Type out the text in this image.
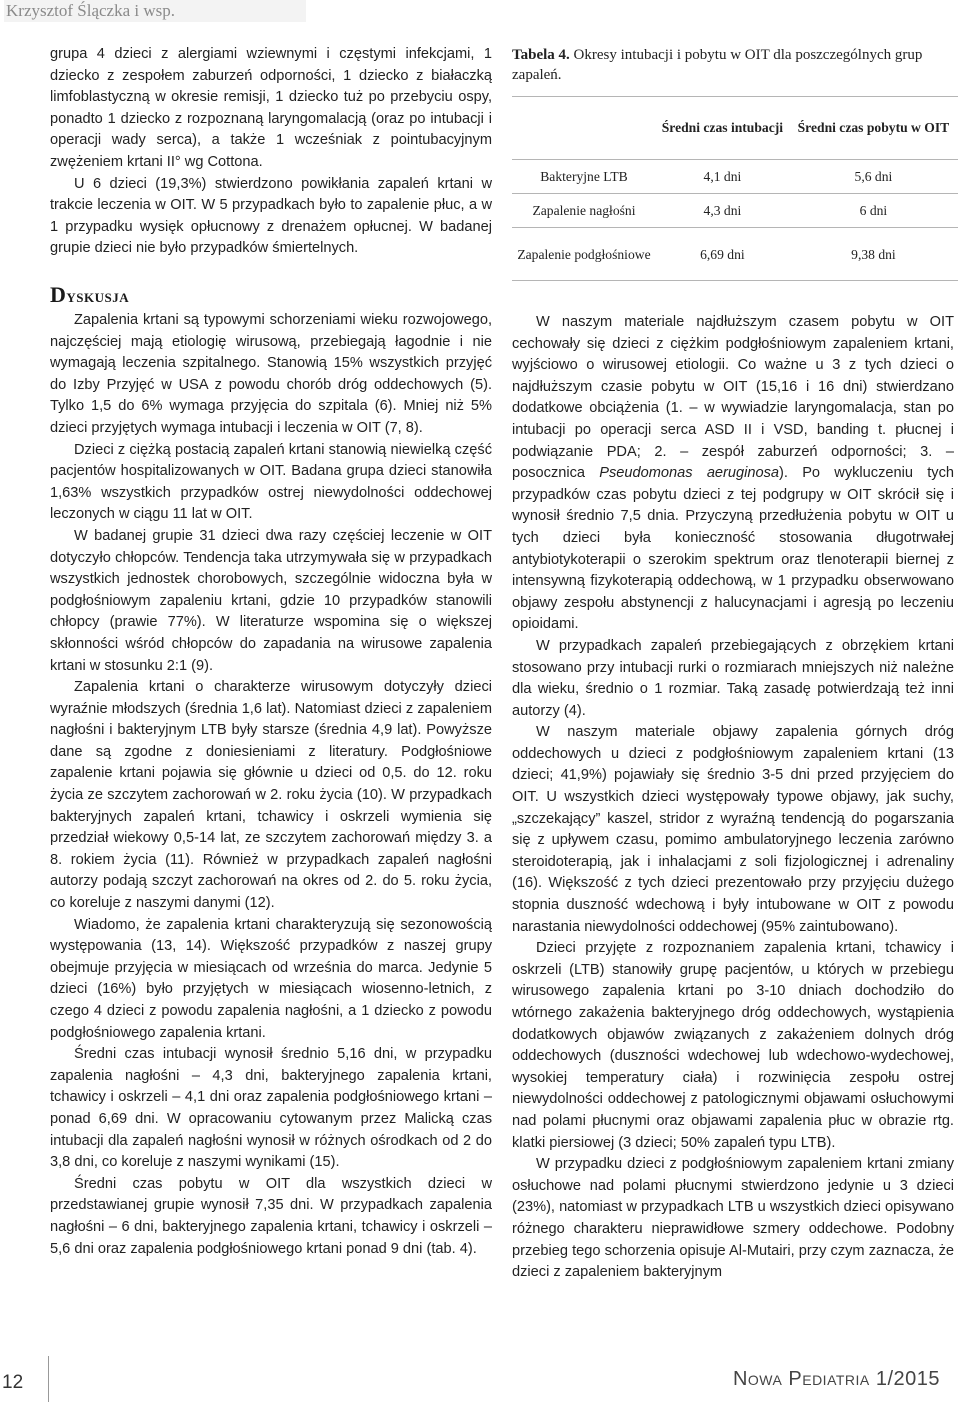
Krzysztof Ślączka i wsp.

grupa 4 dzieci z alergiami wziewnymi i częstymi infekcjami, 1 dziecko z zespołem zaburzeń odporności, 1 dziecko z białaczką limfoblastyczną w okresie remisji, 1 dziecko tuż po przebyciu ospy, ponadto 1 dziecko z rozpoznaną laryngomalacją (oraz po intubacji i operacji wady serca), a także 1 wcześniak z pointubacyjnym zwężeniem krtani II° wg Cottona.

U 6 dzieci (19,3%) stwierdzono powikłania zapaleń krtani w trakcie leczenia w OIT. W 5 przypadkach było to zapalenie płuc, a w 1 przypadku wysięk opłucnowy z drenażem opłucnej. W badanej grupie dzieci nie było przypadków śmiertelnych.

Dyskusja

Zapalenia krtani są typowymi schorzeniami wieku rozwojowego, najczęściej mają etiologię wirusową, przebiegają łagodnie i nie wymagają leczenia szpitalnego. Stanowią 15% wszystkich przyjęć do Izby Przyjęć w USA z powodu chorób dróg oddechowych (5). Tylko 1,5 do 6% wymaga przyjęcia do szpitala (6). Mniej niż 5% dzieci przyjętych wymaga intubacji i leczenia w OIT (7, 8).

Dzieci z ciężką postacią zapaleń krtani stanowią niewielką część pacjentów hospitalizowanych w OIT. Badana grupa dzieci stanowiła 1,63% wszystkich przypadków ostrej niewydolności oddechowej leczonych w ciągu 11 lat w OIT.

W badanej grupie 31 dzieci dwa razy częściej leczenie w OIT dotyczyło chłopców. Tendencja taka utrzymywała się w przypadkach wszystkich jednostek chorobowych, szczególnie widoczna była w podgłośniowym zapaleniu krtani, gdzie 10 przypadków stanowili chłopcy (prawie 77%). W literaturze wspomina się o większej skłonności wśród chłopców do zapadania na wirusowe zapalenia krtani w stosunku 2:1 (9).

Zapalenia krtani o charakterze wirusowym dotyczyły dzieci wyraźnie młodszych (średnia 1,6 lat). Natomiast dzieci z zapaleniem nagłośni i bakteryjnym LTB były starsze (średnia 4,9 lat). Powyższe dane są zgodne z doniesieniami z literatury. Podgłośniowe zapalenie krtani pojawia się głównie u dzieci od 0,5. do 12. roku życia ze szczytem zachorowań w 2. roku życia (10). W przypadkach bakteryjnych zapaleń krtani, tchawicy i oskrzeli wymienia się przedział wiekowy 0,5-14 lat, ze szczytem zachorowań między 3. a 8. rokiem życia (11). Również w przypadkach zapaleń nagłośni autorzy podają szczyt zachorowań na okres od 2. do 5. roku życia, co koreluje z naszymi danymi (12).

Wiadomo, że zapalenia krtani charakteryzują się sezonowością występowania (13, 14). Większość przypadków z naszej grupy obejmuje przyjęcia w miesiącach od września do marca. Jedynie 5 dzieci (16%) było przyjętych w miesiącach wiosenno-letnich, z czego 4 dzieci z powodu zapalenia nagłośni, a 1 dziecko z powodu podgłośniowego zapalenia krtani.

Średni czas intubacji wynosił średnio 5,16 dni, w przypadku zapalenia nagłośni – 4,3 dni, bakteryjnego zapalenia krtani, tchawicy i oskrzeli – 4,1 dni oraz zapalenia podgłośniowego krtani – ponad 6,69 dni. W opracowaniu cytowanym przez Malicką czas intubacji dla zapaleń nagłośni wynosił w różnych ośrodkach od 2 do 3,8 dni, co koreluje z naszymi wynikami (15).

Średni czas pobytu w OIT dla wszystkich dzieci w przedstawianej grupie wynosił 7,35 dni. W przypadkach zapalenia nagłośni – 6 dni, bakteryjnego zapalenia krtani, tchawicy i oskrzeli – 5,6 dni oraz zapalenia podgłośniowego krtani ponad 9 dni (tab. 4).

Tabela 4. Okresy intubacji i pobytu w OIT dla poszczególnych grup zapaleń.
	Średni czas intubacji	Średni czas pobytu w OIT
Bakteryjne LTB	4,1 dni	5,6 dni
Zapalenie nagłośni	4,3 dni	6 dni
Zapalenie podgłośniowe	6,69 dni	9,38 dni

W naszym materiale najdłuższym czasem pobytu w OIT cechowały się dzieci z ciężkim podgłośniowym zapaleniem krtani, wyjściowo o wirusowej etiologii. Co ważne u 3 z tych dzieci o najdłuższym czasie pobytu w OIT (15,16 i 16 dni) stwierdzano dodatkowe obciążenia (1. – w wywiadzie laryngomalacja, stan po intubacji po operacji serca ASD II i VSD, banding t. płucnej i podwiązanie PDA; 2. – zespół zaburzeń odporności; 3. – posocznica Pseudomonas aeruginosa). Po wykluczeniu tych przypadków czas pobytu dzieci z tej podgrupy w OIT skrócił się i wynosił średnio 7,5 dnia. Przyczyną przedłużenia pobytu w OIT u tych dzieci była konieczność stosowania długotrwałej antybiotykoterapii o szerokim spektrum oraz tlenoterapii biernej z intensywną fizykoterapią oddechową, w 1 przypadku obserwowano objawy zespołu abstynencji z halucynacjami i agresją po leczeniu opioidami.

W przypadkach zapaleń przebiegających z obrzękiem krtani stosowano przy intubacji rurki o rozmiarach mniejszych niż należne dla wieku, średnio o 1 rozmiar. Taką zasadę potwierdzają też inni autorzy (4).

W naszym materiale objawy zapalenia górnych dróg oddechowych u dzieci z podgłośniowym zapaleniem krtani (13 dzieci; 41,9%) pojawiały się średnio 3-5 dni przed przyjęciem do OIT. U wszystkich dzieci występowały typowe objawy, jak suchy, „szczekający” kaszel, stridor z wyraźną tendencją do pogarszania się z upływem czasu, pomimo ambulatoryjnego leczenia zarówno steroidoterapią, jak i inhalacjami z soli fizjologicznej i adrenaliny (16). Większość z tych dzieci prezentowało przy przyjęciu dużego stopnia duszność wdechową i były intubowane w OIT z powodu narastania niewydolności oddechowej (95% zaintubowano).

Dzieci przyjęte z rozpoznaniem zapalenia krtani, tchawicy i oskrzeli (LTB) stanowiły grupę pacjentów, u których w przebiegu wirusowego zapalenia krtani po 3-10 dniach dochodziło do wtórnego zakażenia bakteryjnego dróg oddechowych, wystąpienia dodatkowych objawów związanych z zakażeniem dolnych dróg oddechowych (duszności wdechowej lub wdechowo-wydechowej, wysokiej temperatury ciała) i rozwinięcia zespołu ostrej niewydolności oddechowej z patologicznymi objawami osłuchowymi nad polami płucnymi oraz objawami zapalenia płuc w obrazie rtg. klatki piersiowej (3 dzieci; 50% zapaleń typu LTB).

W przypadku dzieci z podgłośniowym zapaleniem krtani zmiany osłuchowe nad polami płucnymi stwierdzono jedynie u 3 dzieci (23%), natomiast w przypadkach LTB u wszystkich dzieci opisywano różnego charakteru nieprawidłowe szmery oddechowe. Podobny przebieg tego schorzenia opisuje Al-Mutairi, przy czym zaznacza, że dzieci z zapaleniem bakteryjnym

12	Nowa Pediatria 1/2015
